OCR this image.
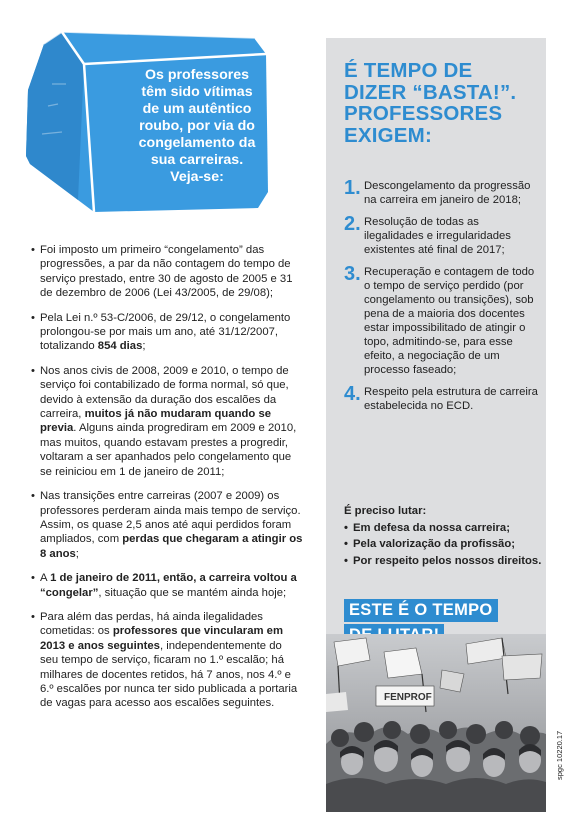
Os professores
têm sido vítimas
de um autêntico
roubo, por via do
congelamento da
sua carreiras.
Veja-se:
• Foi imposto um primeiro “congelamento” das progressões, a par da não contagem do tempo de serviço prestado, entre 30 de agosto de 2005 e 31 de dezembro de 2006 (Lei 43/2005, de 29/08);
• Pela Lei n.º 53-C/2006, de 29/12, o congelamento prolongou-se por mais um ano, até 31/12/2007, totalizando 854 dias;
• Nos anos civis de 2008, 2009 e 2010, o tempo de serviço foi contabilizado de forma normal, só que, devido à extensão da duração dos escalões da carreira, muitos já não mudaram quando se previa. Alguns ainda progrediram em 2009 e 2010, mas muitos, quando estavam prestes a progredir, voltaram a ser apanhados pelo congelamento que se reiniciou em 1 de janeiro de 2011;
• Nas transições entre carreiras (2007 e 2009) os professores perderam ainda mais tempo de serviço. Assim, os quase 2,5 anos até aqui perdidos foram ampliados, com perdas que chegaram a atingir os 8 anos;
• A 1 de janeiro de 2011, então, a carreira voltou a “congelar”, situação que se mantém ainda hoje;
• Para além das perdas, há ainda ilegalidades cometidas: os professores que vincularam em 2013 e anos seguintes, independentemente do seu tempo de serviço, ficaram no 1.º escalão; há milhares de docentes retidos, há 7 anos, nos 4.º e 6.º escalões por nunca ter sido publicada a portaria de vagas para acesso aos escalões seguintes.
É TEMPO DE
DIZER “BASTA!”.
PROFESSORES
EXIGEM:
1. Descongelamento da progressão na carreira em janeiro de 2018;
2. Resolução de todas as ilegalidades e irregularidades existentes até final de 2017;
3. Recuperação e contagem de todo o tempo de serviço perdido (por congelamento ou transições), sob pena de a maioria dos docentes estar impossibilitado de atingir o topo, admitindo-se, para esse efeito, a negociação de um processo faseado;
4. Respeito pela estrutura de carreira estabelecida no ECD.
É preciso lutar:
• Em defesa da nossa carreira;
• Pela valorização da profissão;
• Por respeito pelos nossos direitos.
ESTE É O TEMPO

FENPROF
spgc 10220.17
